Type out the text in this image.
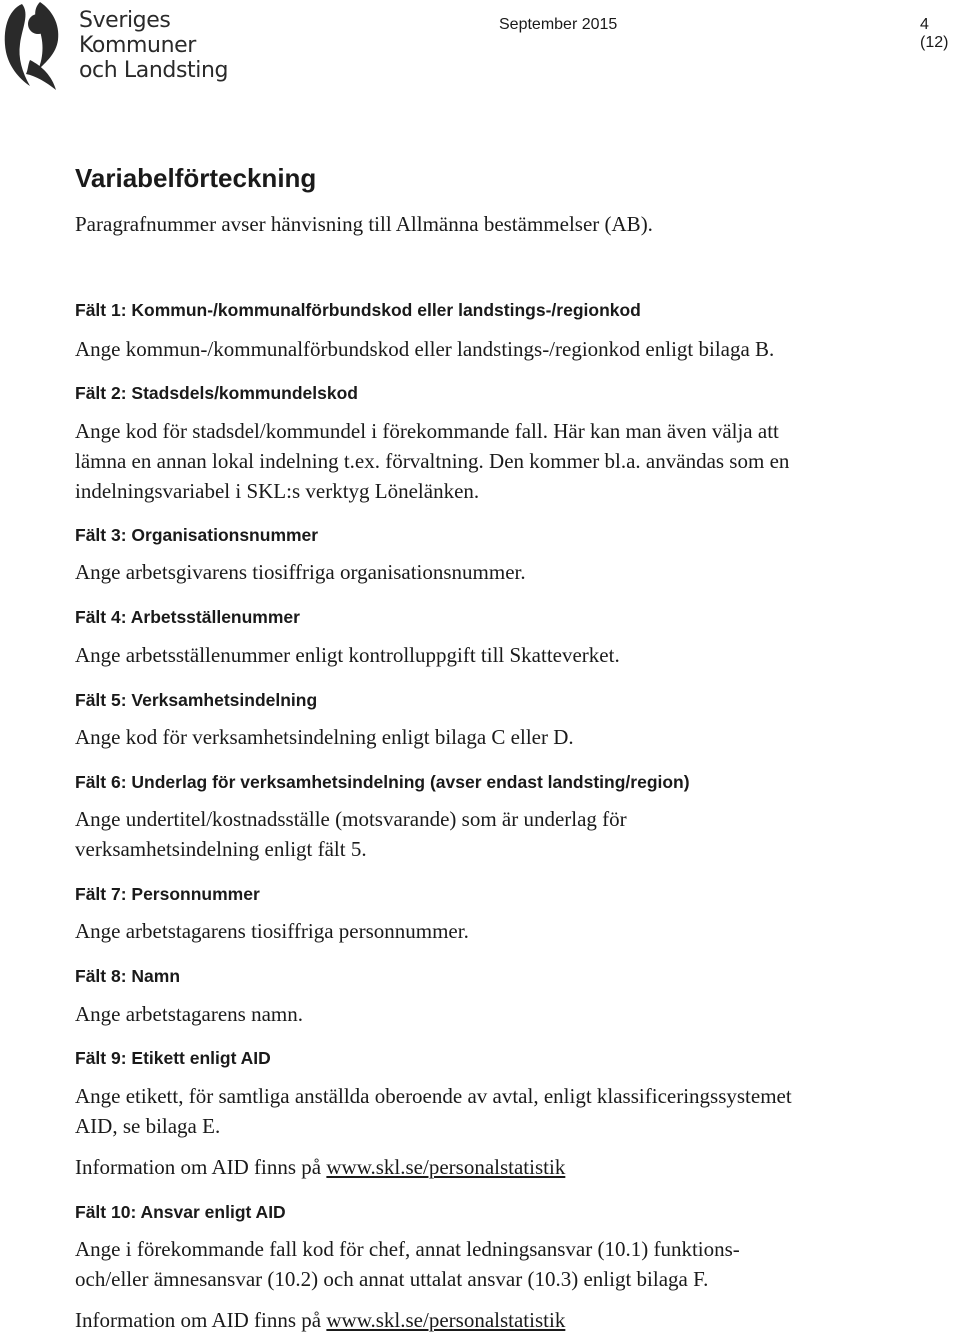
Sveriges
Kommuner
och Landsting
September 2015	4 (12)
Variabelförteckning

Paragrafnummer avser hänvisning till Allmänna bestämmelser (AB).

Fält 1: Kommun-/kommunalförbundskod eller landstings-/regionkod
Ange kommun-/kommunalförbundskod eller landstings-/regionkod enligt bilaga B.
Fält 2: Stadsdels/kommundelskod
Ange kod för stadsdel/kommundel i förekommande fall. Här kan man även välja att
lämna en annan lokal indelning t.ex. förvaltning. Den kommer bl.a. användas som en
indelningsvariabel i SKL:s verktyg Lönelänken.
Fält 3: Organisationsnummer
Ange arbetsgivarens tiosiffriga organisationsnummer.
Fält 4: Arbetsställenummer
Ange arbetsställenummer enligt kontrolluppgift till Skatteverket.
Fält 5: Verksamhetsindelning
Ange kod för verksamhetsindelning enligt bilaga C eller D.
Fält 6: Underlag för verksamhetsindelning (avser endast landsting/region)
Ange undertitel/kostnadsställe (motsvarande) som är underlag för
verksamhetsindelning enligt fält 5.
Fält 7: Personnummer
Ange arbetstagarens tiosiffriga personnummer.
Fält 8: Namn
Ange arbetstagarens namn.
Fält 9: Etikett enligt AID
Ange etikett, för samtliga anställda oberoende av avtal, enligt klassificeringssystemet
AID, se bilaga E.
Information om AID finns på www.skl.se/personalstatistik
Fält 10: Ansvar enligt AID
Ange i förekommande fall kod för chef, annat ledningsansvar (10.1) funktions-
och/eller ämnesansvar (10.2) och annat uttalat ansvar (10.3) enligt bilaga F.
Information om AID finns på www.skl.se/personalstatistik
